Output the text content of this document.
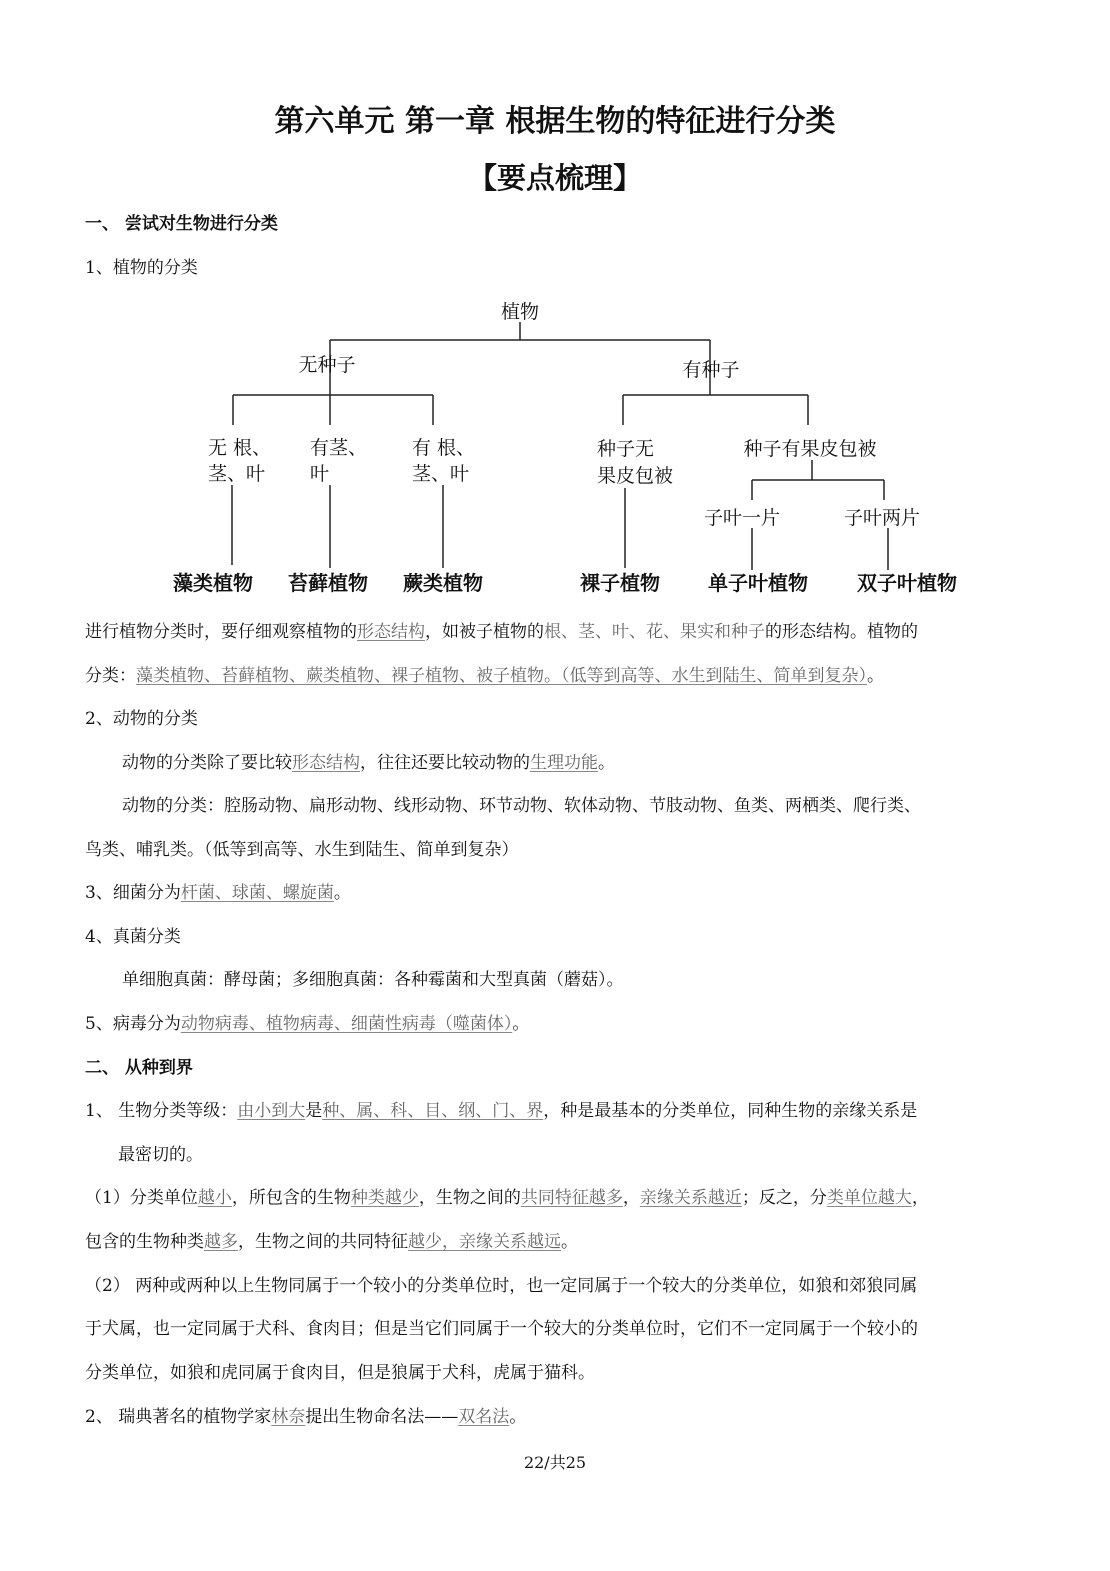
第六单元 第一章 根据生物的特征进行分类
【要点梳理】
植物
无种子	有种子
无 根、
茎、叶
有茎、
叶
有 根、
茎、叶
种子无
果皮包被
种子有果皮包被
子叶一片	子叶两片
藻类植物 苔藓植物 蕨类植物	裸子植物 单子叶植物 双子叶植物
一、 尝试对生物进行分类
1、植物的分类
进行植物分类时，要仔细观察植物的形态结构，如被子植物的根、茎、叶、花、果实和种子的形态结构。植物的
分类：藻类植物、苔藓植物、蕨类植物、裸子植物、被子植物。（低等到高等、水生到陆生、简单到复杂）。
2、动物的分类
动物的分类除了要比较形态结构，往往还要比较动物的生理功能。
动物的分类：腔肠动物、扁形动物、线形动物、环节动物、软体动物、节肢动物、鱼类、两栖类、爬行类、
鸟类、哺乳类。（低等到高等、水生到陆生、简单到复杂）
3、细菌分为杆菌、球菌、螺旋菌。
4、真菌分类
单细胞真菌：酵母菌；多细胞真菌：各种霉菌和大型真菌（蘑菇）。
5、病毒分为动物病毒、植物病毒、细菌性病毒（噬菌体）。
二、 从种到界
1、 生物分类等级：由小到大是种、属、科、目、纲、门、界，种是最基本的分类单位，同种生物的亲缘关系是
最密切的。
（1）分类单位越小，所包含的生物种类越少，生物之间的共同特征越多，亲缘关系越近；反之，分类单位越大，
包含的生物种类越多，生物之间的共同特征越少，亲缘关系越远。
（2） 两种或两种以上生物同属于一个较小的分类单位时，也一定同属于一个较大的分类单位，如狼和郊狼同属
于犬属，也一定同属于犬科、食肉目；但是当它们同属于一个较大的分类单位时，它们不一定同属于一个较小的
分类单位，如狼和虎同属于食肉目，但是狼属于犬科，虎属于猫科。
2、 瑞典著名的植物学家林奈提出生物命名法——双名法。
22/共25
